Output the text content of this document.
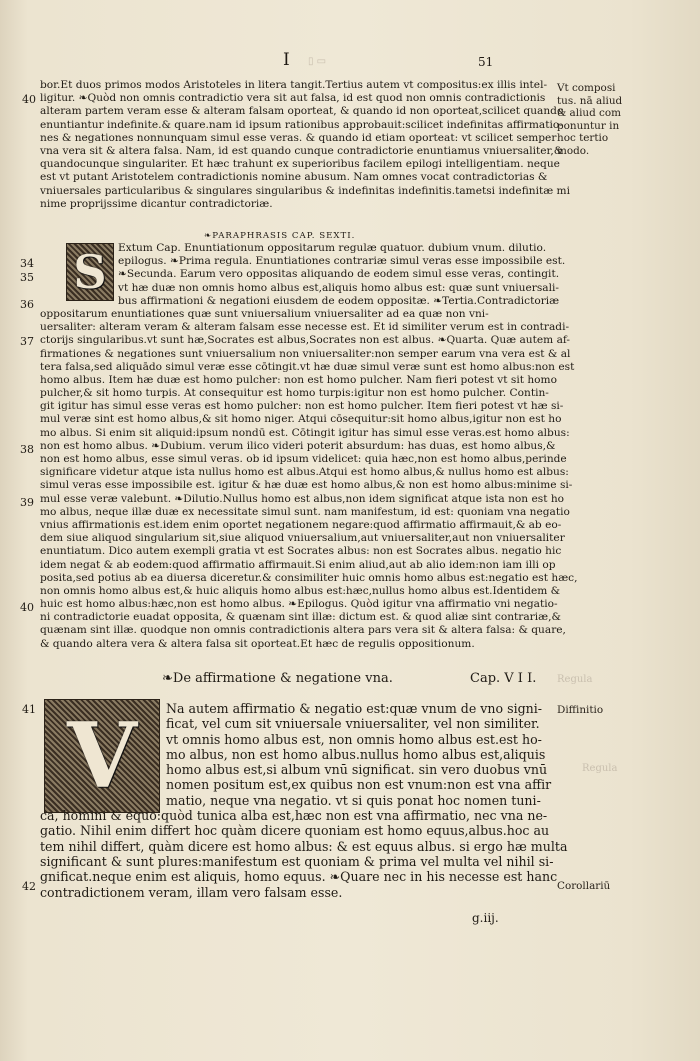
I	51
▯ ▭
bor.Et duos primos modos Aristoteles in litera tangit.Tertius autem vt compositus:ex illis intel-
ligitur. ❧Quòd non omnis contradictio vera sit aut falsa, id est quod non omnis contradictionis
alteram partem veram esse & alteram falsam oporteat, & quando id non oporteat,scilicet quando
enuntiantur indefinite.& quare.nam id ipsum rationibus approbauit:scilicet indefinitas affirmatio-
nes & negationes nonnunquam simul esse veras. & quando id etiam oporteat: vt scilicet semper
vna vera sit & altera falsa. Nam, id est quando cunque contradictorie enuntiamus vniuersaliter,&
quandocunque singulariter. Et hæc trahunt ex superioribus facilem epilogi intelligentiam. neque
est vt putant Aristotelem contradictionis nomine abusum. Nam omnes vocat contradictorias &
vniuersales particularibus & singulares singularibus & indefinitas indefinitis.tametsi indefinitæ mi
nime proprijssime dicantur contradictoriæ.
40
Vt composi
tus. nā aliud
& aliud com
ponuntur in
hoc tertio
modo.
❧PARAPHRASIS CAP. SEXTI.
S	Extum Cap. Enuntiationum oppositarum regulæ quatuor. dubium vnum. dilutio.
epilogus. ❧Prima regula. Enuntiationes contrariæ simul veras esse impossibile est.
❧Secunda. Earum vero oppositas aliquando de eodem simul esse veras, contingit.
vt hæ duæ non omnis homo albus est,aliquis homo albus est: quæ sunt vniuersali-
bus affirmationi & negationi eiusdem de eodem oppositæ. ❧Tertia.Contradictoriæ
oppositarum enuntiationes quæ sunt vniuersalium vniuersaliter ad ea quæ non vni-
uersaliter: alteram veram & alteram falsam esse necesse est. Et id similiter verum est in contradi-
ctorijs singularibus.vt sunt hæ,Socrates est albus,Socrates non est albus. ❧Quarta. Quæ autem af-
firmationes & negationes sunt vniuersalium non vniuersaliter:non semper earum vna vera est & al
tera falsa,sed aliquādo simul veræ esse cōtingit.vt hæ duæ simul veræ sunt est homo albus:non est
homo albus. Item hæ duæ est homo pulcher: non est homo pulcher. Nam fieri potest vt sit homo
pulcher,& sit homo turpis. At consequitur est homo turpis:igitur non est homo pulcher. Contin-
git igitur has simul esse veras est homo pulcher: non est homo pulcher. Item fieri potest vt hæ si-
mul veræ sint est homo albus,& sit homo niger. Atqui cōsequitur:sit homo albus,igitur non est ho
mo albus. Si enim sit aliquid:ipsum nondū est. Cōtingit igitur has simul esse veras.est homo albus:
non est homo albus. ❧Dubium. verum ilico videri poterit absurdum: has duas, est homo albus,&
non est homo albus, esse simul veras. ob id ipsum videlicet: quia hæc,non est homo albus,perinde
significare videtur atque ista nullus homo est albus.Atqui est homo albus,& nullus homo est albus:
simul veras esse impossibile est. igitur & hæ duæ est homo albus,& non est homo albus:minime si-
mul esse veræ valebunt. ❧Dilutio.Nullus homo est albus,non idem significat atque ista non est ho
mo albus, neque illæ duæ ex necessitate simul sunt. nam manifestum, id est: quoniam vna negatio
vnius affirmationis est.idem enim oportet negationem negare:quod affirmatio affirmauit,& ab eo-
dem siue aliquod singularium sit,siue aliquod vniuersalium,aut vniuersaliter,aut non vniuersaliter
enuntiatum. Dico autem exempli gratia vt est Socrates albus: non est Socrates albus. negatio hic
idem negat & ab eodem:quod affirmatio affirmauit.Si enim aliud,aut ab alio idem:non iam illi op
posita,sed potius ab ea diuersa diceretur.& consimiliter huic omnis homo albus est:negatio est hæc,
non omnis homo albus est,& huic aliquis homo albus est:hæc,nullus homo albus est.Identidem &
huic est homo albus:hæc,non est homo albus. ❧Epilogus. Quòd igitur vna affirmatio vni negatio-
ni contradictorie euadat opposita, & quænam sint illæ: dictum est. & quod aliæ sint contrariæ,&
quænam sint illæ. quodque non omnis contradictionis altera pars vera sit & altera falsa: & quare,
& quando altera vera & altera falsa sit oporteat.Et hæc de regulis oppositionum.
34
35
36
37
38
39
40
❧De affirmatione & negatione vna.	Cap. V I I. Regula
V	Na autem affirmatio & negatio est:quæ vnum de vno signi-
ficat, vel cum sit vniuersale vniuersaliter, vel non similiter.
vt omnis homo albus est, non omnis homo albus est.est ho-
mo albus, non est homo albus.nullus homo albus est,aliquis
homo albus est,si album vnū significat. sin vero duobus vnū
nomen positum est,ex quibus non est vnum:non est vna affir
matio, neque vna negatio. vt si quis ponat hoc nomen tuni-
ca, homini & equo:quòd tunica alba est,hæc non est vna affirmatio, nec vna ne-
gatio. Nihil enim differt hoc quàm dicere quoniam est homo equus,albus.hoc au
tem nihil differt, quàm dicere est homo albus: & est equus albus. si ergo hæ multa
significant & sunt plures:manifestum est quoniam & prima vel multa vel nihil si-
gnificat.neque enim est aliquis, homo equus. ❧Quare nec in his necesse est hanc
contradictionem veram, illam vero falsam esse.
41
42
Diffinitio
Corollariū
Regula
g.iij.
